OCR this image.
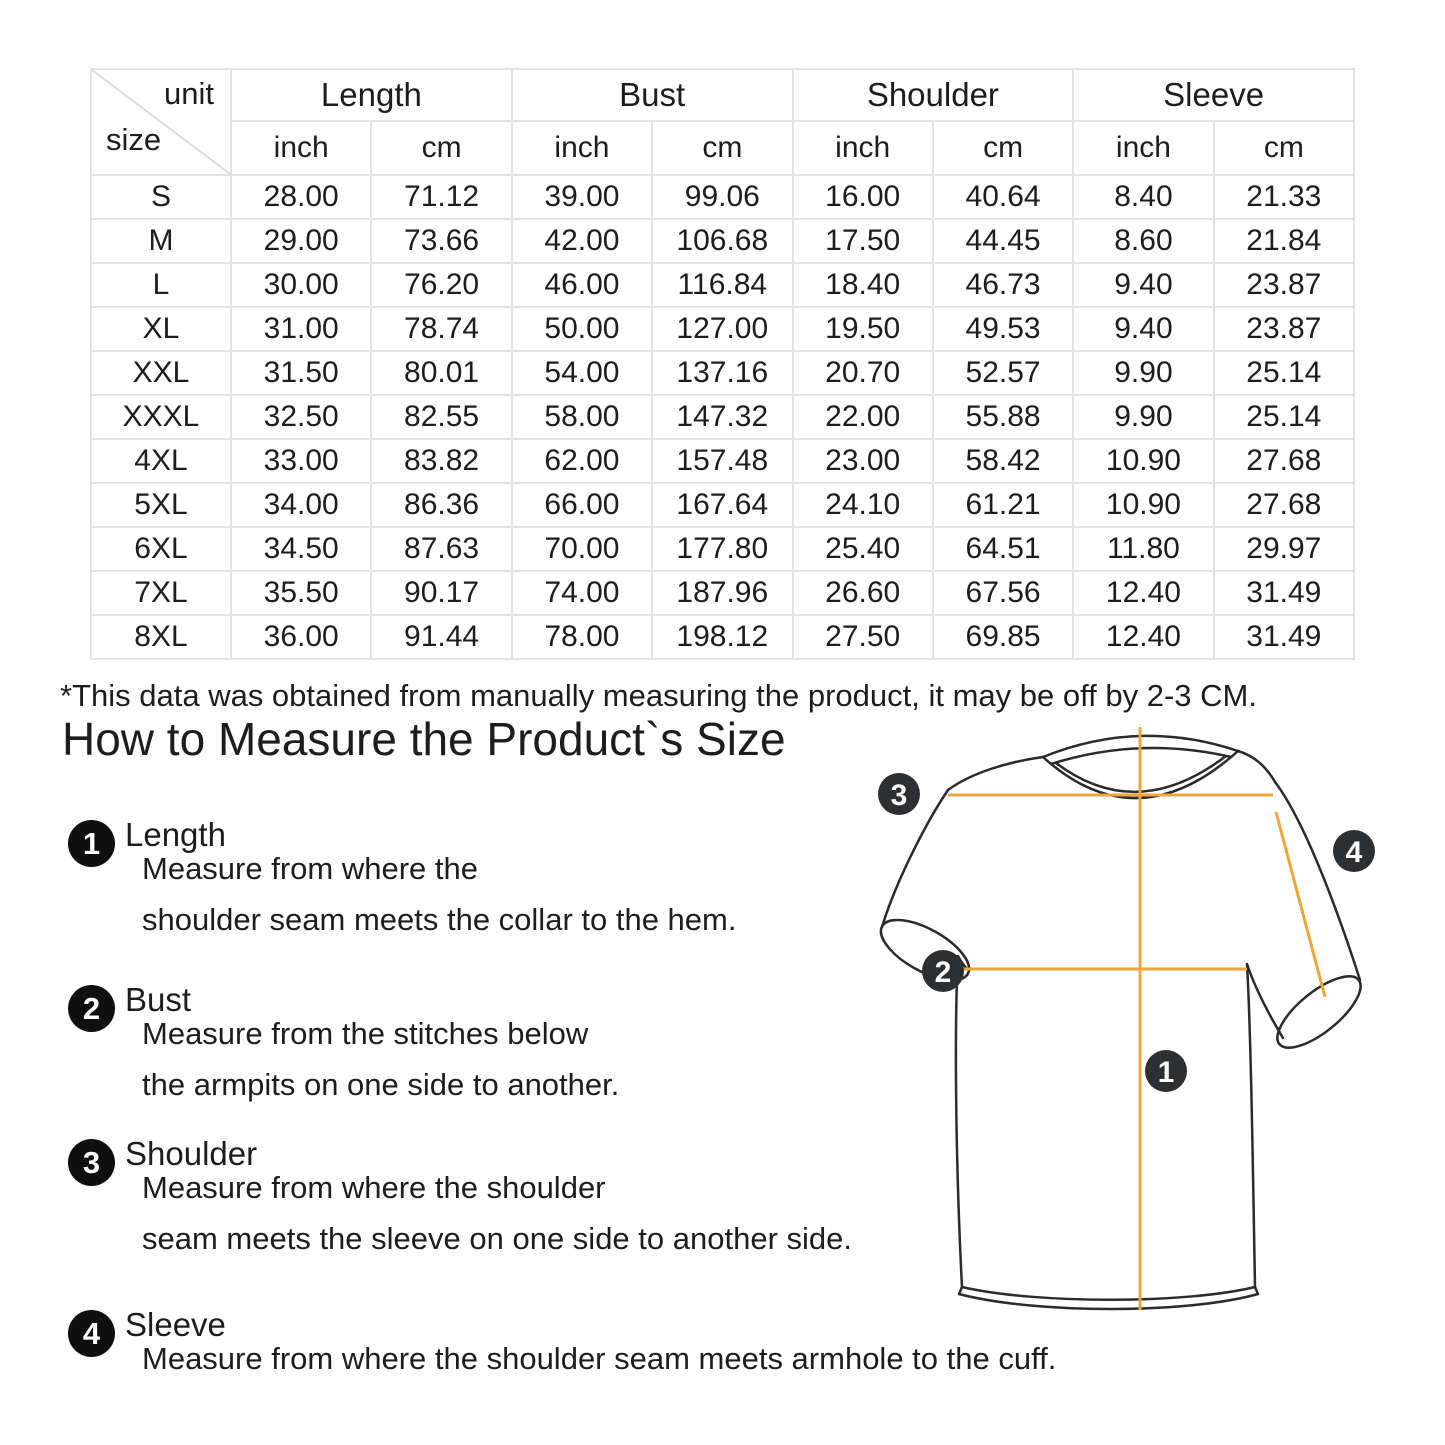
unit
size	Length		Bust		Shoulder		Sleeve	
	inch	cm	inch	cm	inch	cm	inch	cm
S	28.00	71.12	39.00	99.06	16.00	40.64	8.40	21.33
M	29.00	73.66	42.00	106.68	17.50	44.45	8.60	21.84
L	30.00	76.20	46.00	116.84	18.40	46.73	9.40	23.87
XL	31.00	78.74	50.00	127.00	19.50	49.53	9.40	23.87
XXL	31.50	80.01	54.00	137.16	20.70	52.57	9.90	25.14
XXXL	32.50	82.55	58.00	147.32	22.00	55.88	9.90	25.14
4XL	33.00	83.82	62.00	157.48	23.00	58.42	10.90	27.68
5XL	34.00	86.36	66.00	167.64	24.10	61.21	10.90	27.68
6XL	34.50	87.63	70.00	177.80	25.40	64.51	11.80	29.97
7XL	35.50	90.17	74.00	187.96	26.60	67.56	12.40	31.49
8XL	36.00	91.44	78.00	198.12	27.50	69.85	12.40	31.49
*This data was obtained from manually measuring the product, it may be off by 2-3 CM.
How to Measure the Product`s Size
1 Length

Measure from where the
shoulder seam meets the collar to the hem.
2 Bust

Measure from the stitches below
the armpits on one side to another.
3 Shoulder

Measure from where the shoulder
seam meets the sleeve on one side to another side.
4 Sleeve

Measure from where the shoulder seam meets armhole to the cuff.
3
2
4
1
